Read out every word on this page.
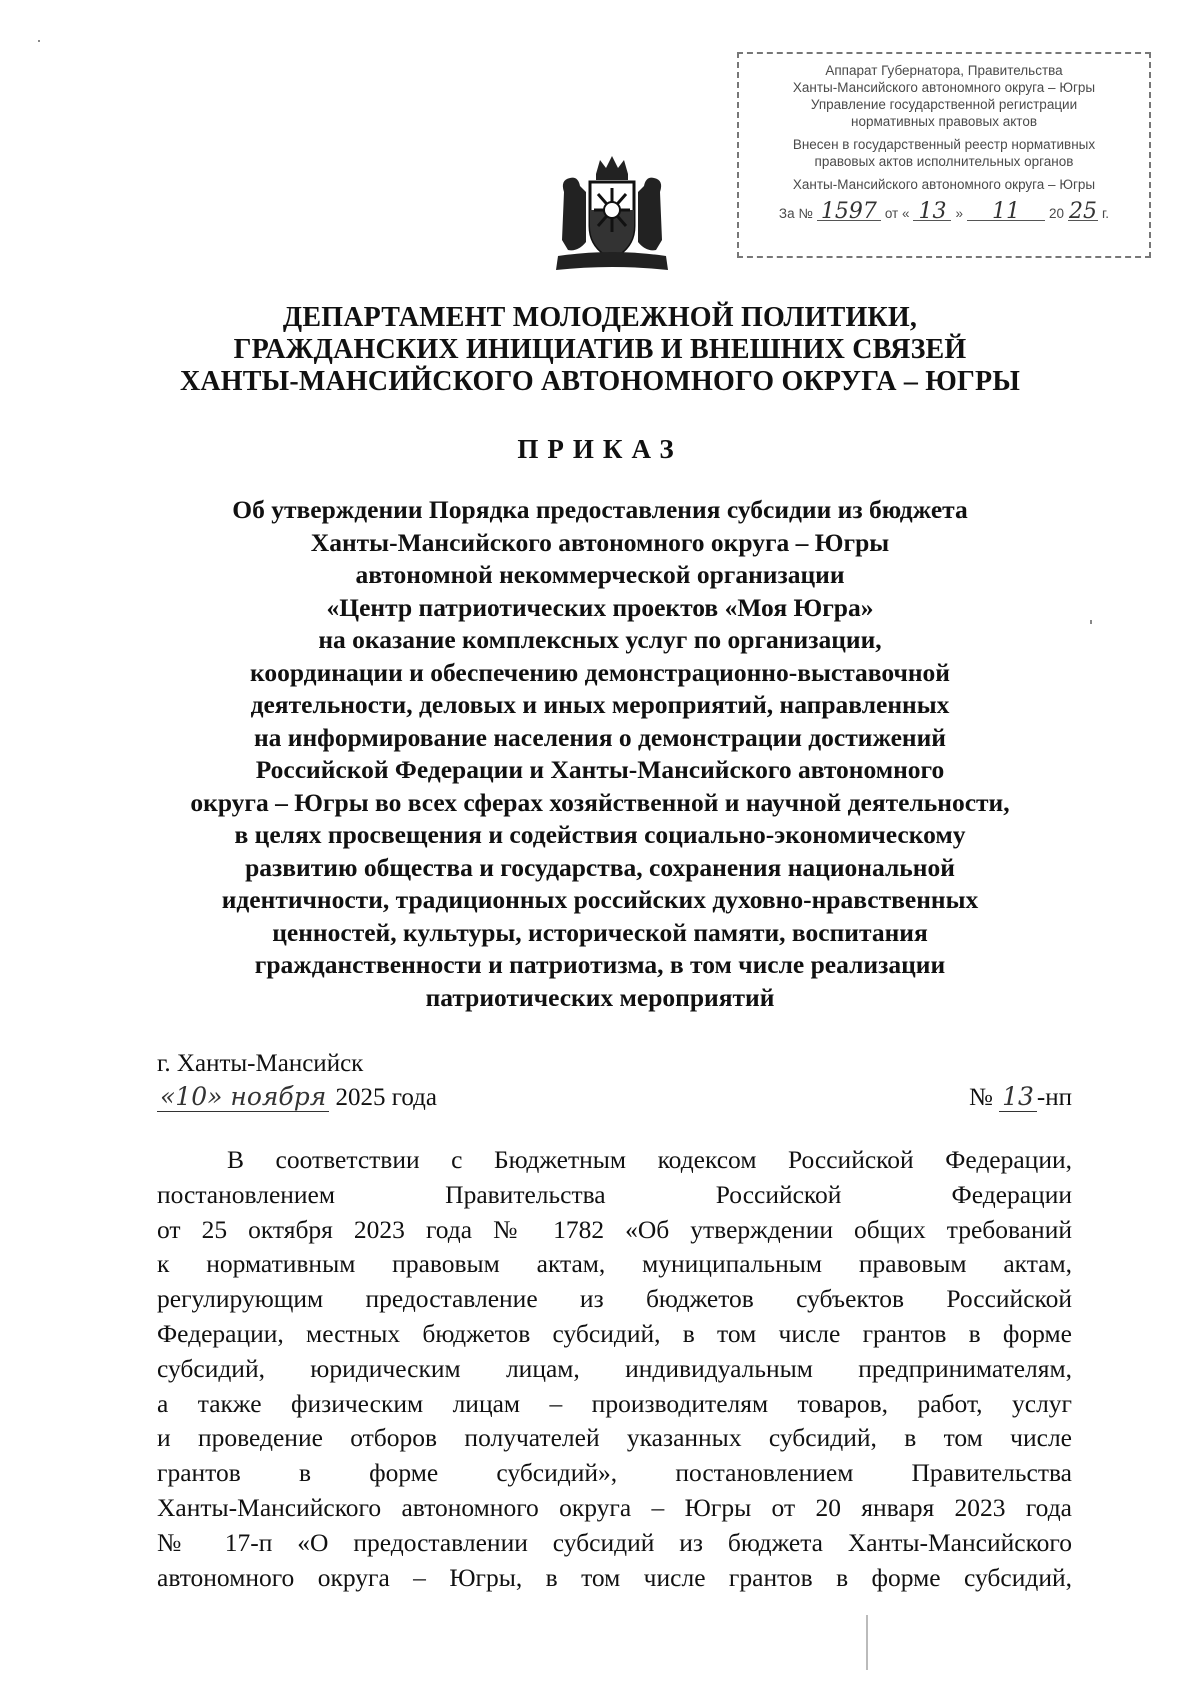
Аппарат Губернатора, Правительства
Ханты-Мансийского автономного округа – Югры
Управление государственной регистрации
нормативных правовых актов
Внесен в государственный реестр нормативных
правовых актов исполнительных органов
Ханты-Мансийского автономного округа – Югры
За № 1597 от « 13 »	11	20 25 г.
ДЕПАРТАМЕНТ МОЛОДЕЖНОЙ ПОЛИТИКИ,
ГРАЖДАНСКИХ ИНИЦИАТИВ И ВНЕШНИХ СВЯЗЕЙ
ХАНТЫ-МАНСИЙСКОГО АВТОНОМНОГО ОКРУГА – ЮГРЫ
ПРИКАЗ
Об утверждении Порядка предоставления субсидии из бюджета
Ханты-Мансийского автономного округа – Югры
автономной некоммерческой организации
«Центр патриотических проектов «Моя Югра»
на оказание комплексных услуг по организации,
координации и обеспечению демонстрационно-выставочной
деятельности, деловых и иных мероприятий, направленных
на информирование населения о демонстрации достижений
Российской Федерации и Ханты-Мансийского автономного
округа – Югры во всех сферах хозяйственной и научной деятельности,
в целях просвещения и содействия социально-экономическому
развитию общества и государства, сохранения национальной
идентичности, традиционных российских духовно-нравственных
ценностей, культуры, исторической памяти, воспитания
гражданственности и патриотизма, в том числе реализации
патриотических мероприятий
г. Ханты-Мансийск
«10» ноября 2025 года	№ 13 -нп
В соответствии с Бюджетным кодексом Российской Федерации,
постановлением Правительства Российской Федерации
от 25 октября 2023 года № 1782 «Об утверждении общих требований
к нормативным правовым актам, муниципальным правовым актам,
регулирующим предоставление из бюджетов субъектов Российской
Федерации, местных бюджетов субсидий, в том числе грантов в форме
субсидий, юридическим лицам, индивидуальным предпринимателям,
а также физическим лицам – производителям товаров, работ, услуг
и проведение отборов получателей указанных субсидий, в том числе
грантов в форме субсидий», постановлением Правительства
Ханты-Мансийского автономного округа – Югры от 20 января 2023 года
№ 17-п «О предоставлении субсидий из бюджета Ханты-Мансийского
автономного округа – Югры, в том числе грантов в форме субсидий,
